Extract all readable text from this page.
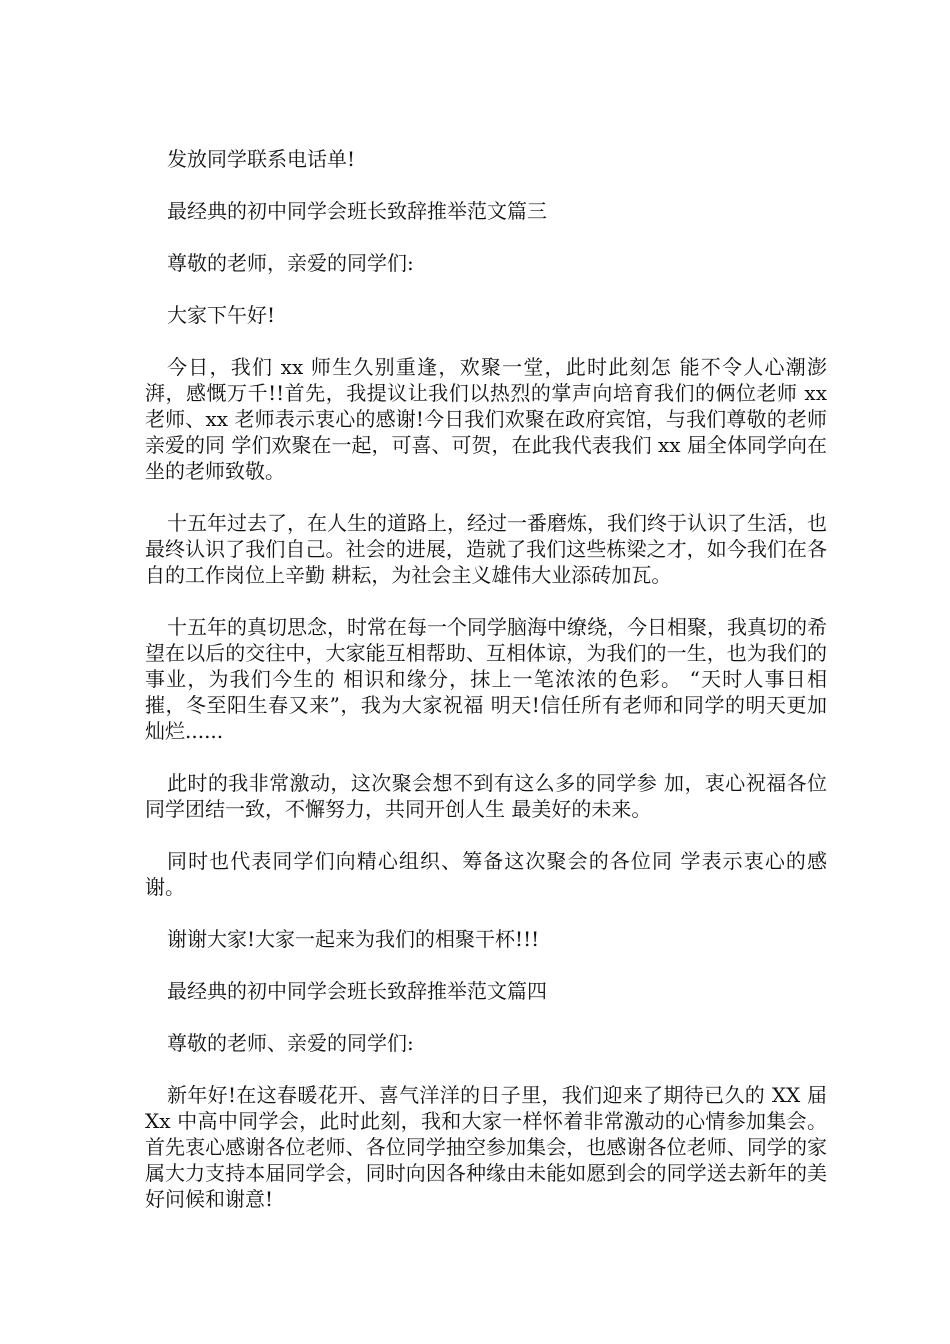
发放同学联系电话单!

最经典的初中同学会班长致辞推举范文篇三

尊敬的老师，亲爱的同学们:

大家下午好!

今日，我们 xx 师生久别重逢，欢聚一堂，此时此刻怎 能不令人心潮澎湃，感慨万千!!首先，我提议让我们以热烈的掌声向培育我们的俩位老师 xx 老师、xx 老师表示衷心的感谢!今日我们欢聚在政府宾馆，与我们尊敬的老师亲爱的同 学们欢聚在一起，可喜、可贺，在此我代表我们 xx 届全体同学向在坐的老师致敬。

十五年过去了，在人生的道路上，经过一番磨炼，我们终于认识了生活，也最终认识了我们自己。社会的进展，造就了我们这些栋梁之才，如今我们在各自的工作岗位上辛勤 耕耘，为社会主义雄伟大业添砖加瓦。

十五年的真切思念，时常在每一个同学脑海中缭绕，今日相聚，我真切的希望在以后的交往中，大家能互相帮助、互相体谅，为我们的一生，也为我们的事业，为我们今生的 相识和缘分，抹上一笔浓浓的色彩。 “天时人事日相摧，冬至阳生春又来”，我为大家祝福 明天!信任所有老师和同学的明天更加灿烂......

此时的我非常激动，这次聚会想不到有这么多的同学参 加，衷心祝福各位同学团结一致，不懈努力，共同开创人生 最美好的未来。

同时也代表同学们向精心组织、筹备这次聚会的各位同 学表示衷心的感谢。

谢谢大家!大家一起来为我们的相聚干杯!!!

最经典的初中同学会班长致辞推举范文篇四

尊敬的老师、亲爱的同学们:

新年好!在这春暖花开、喜气洋洋的日子里，我们迎来了期待已久的 XX 届 Xx 中高中同学会，此时此刻，我和大家一样怀着非常激动的心情参加集会。首先衷心感谢各位老师、各位同学抽空参加集会，也感谢各位老师、同学的家属大力支持本届同学会，同时向因各种缘由未能如愿到会的同学送去新年的美好问候和谢意!
